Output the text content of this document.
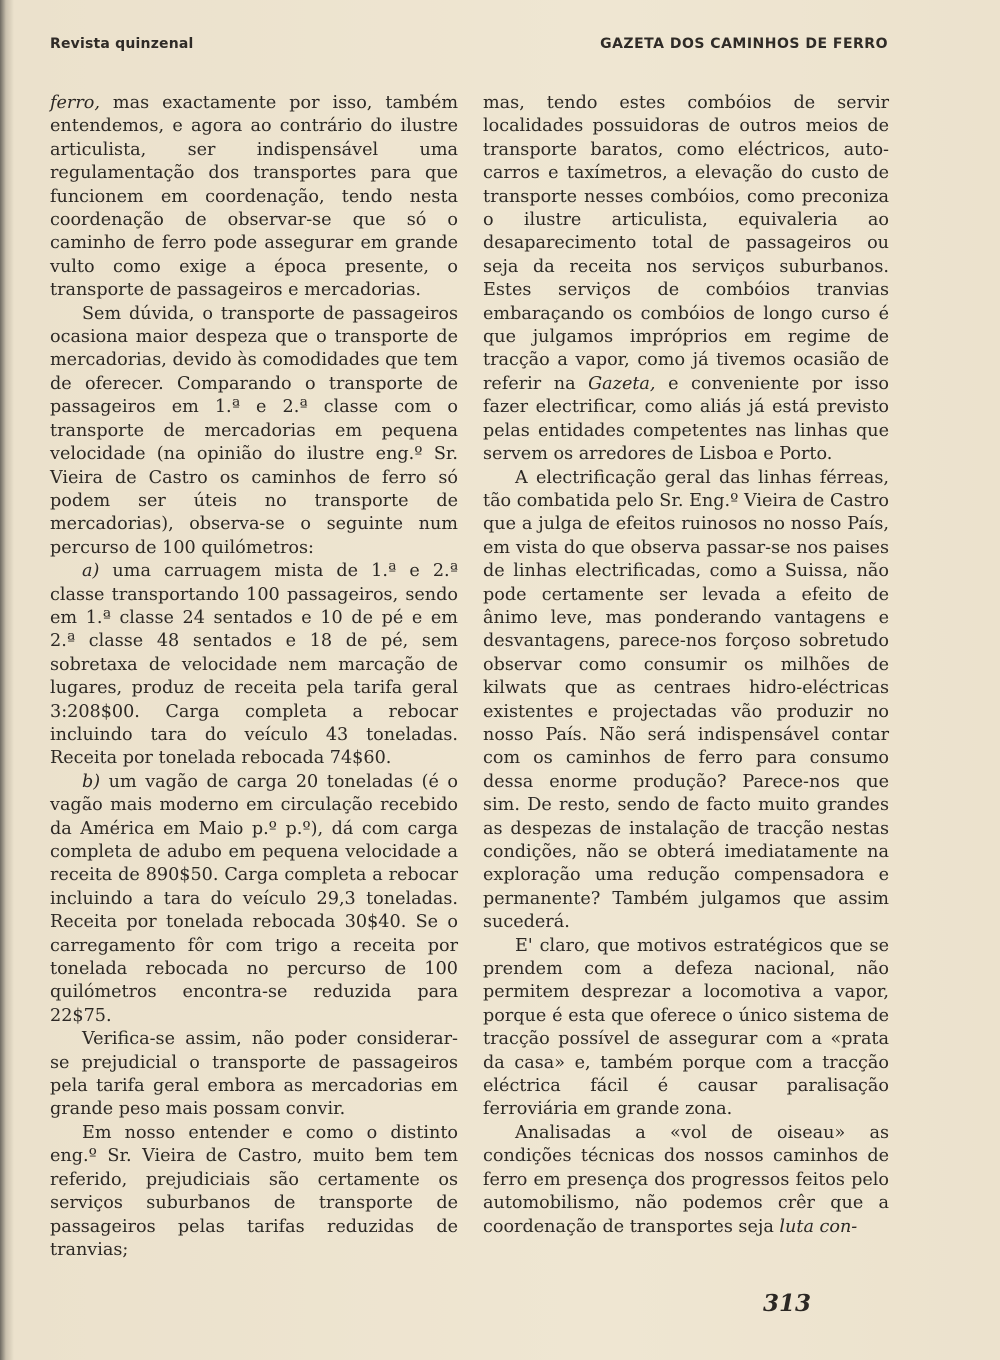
Revista quinzenal	GAZETA DOS CAMINHOS DE FERRO

ferro, mas exactamente por isso, também entendemos, e agora ao contrário do ilustre articulista, ser indispensável uma regulamentação dos transportes para que funcionem em coordenação, tendo nesta coordenação de observar-se que só o caminho de ferro pode assegurar em grande vulto como exige a época presente, o transporte de passageiros e mercadorias.

Sem dúvida, o transporte de passageiros ocasiona maior despeza que o transporte de mercadorias, devido às comodidades que tem de oferecer. Comparando o transporte de passageiros em 1.ª e 2.ª classe com o transporte de mercadorias em pequena velocidade (na opinião do ilustre eng.º Sr. Vieira de Castro os caminhos de ferro só podem ser úteis no transporte de mercadorias), observa-se o seguinte num percurso de 100 quilómetros:

a) uma carruagem mista de 1.ª e 2.ª classe transportando 100 passageiros, sendo em 1.ª classe 24 sentados e 10 de pé e em 2.ª classe 48 sentados e 18 de pé, sem sobretaxa de velocidade nem marcação de lugares, produz de receita pela tarifa geral 3:208$00. Carga completa a rebocar incluindo tara do veículo 43 toneladas. Receita por tonelada rebocada 74$60.

b) um vagão de carga 20 toneladas (é o vagão mais moderno em circulação recebido da América em Maio p.º p.º), dá com carga completa de adubo em pequena velocidade a receita de 890$50. Carga completa a rebocar incluindo a tara do veículo 29,3 toneladas. Receita por tonelada rebocada 30$40. Se o carregamento fôr com trigo a receita por tonelada rebocada no percurso de 100 quilómetros encontra-se reduzida para 22$75.

Verifica-se assim, não poder considerar-se prejudicial o transporte de passageiros pela tarifa geral embora as mercadorias em grande peso mais possam convir.

Em nosso entender e como o distinto eng.º Sr. Vieira de Castro, muito bem tem referido, prejudiciais são certamente os serviços suburbanos de transporte de passageiros pelas tarifas reduzidas de tranvias;

mas, tendo estes combóios de servir localidades possuidoras de outros meios de transporte baratos, como eléctricos, auto-carros e taxímetros, a elevação do custo de transporte nesses combóios, como preconiza o ilustre articulista, equivaleria ao desaparecimento total de passageiros ou seja da receita nos serviços suburbanos. Estes serviços de combóios tranvias embaraçando os combóios de longo curso é que julgamos impróprios em regime de tracção a vapor, como já tivemos ocasião de referir na Gazeta, e conveniente por isso fazer electrificar, como aliás já está previsto pelas entidades competentes nas linhas que servem os arredores de Lisboa e Porto.

A electrificação geral das linhas férreas, tão combatida pelo Sr. Eng.º Vieira de Castro que a julga de efeitos ruinosos no nosso País, em vista do que observa passar-se nos paises de linhas electrificadas, como a Suissa, não pode certamente ser levada a efeito de ânimo leve, mas ponderando vantagens e desvantagens, parece-nos forçoso sobretudo observar como consumir os milhões de kilwats que as centraes hidro-eléctricas existentes e projectadas vão produzir no nosso País. Não será indispensável contar com os caminhos de ferro para consumo dessa enorme produção? Parece-nos que sim. De resto, sendo de facto muito grandes as despezas de instalação de tracção nestas condições, não se obterá imediatamente na exploração uma redução compensadora e permanente? Também julgamos que assim sucederá.

E' claro, que motivos estratégicos que se prendem com a defeza nacional, não permitem desprezar a locomotiva a vapor, porque é esta que oferece o único sistema de tracção possível de assegurar com a «prata da casa» e, também porque com a tracção eléctrica fácil é causar paralisação ferroviária em grande zona.

Analisadas a «vol de oiseau» as condições técnicas dos nossos caminhos de ferro em presença dos progressos feitos pelo automobilismo, não podemos crêr que a coordenação de transportes seja luta con-

313
